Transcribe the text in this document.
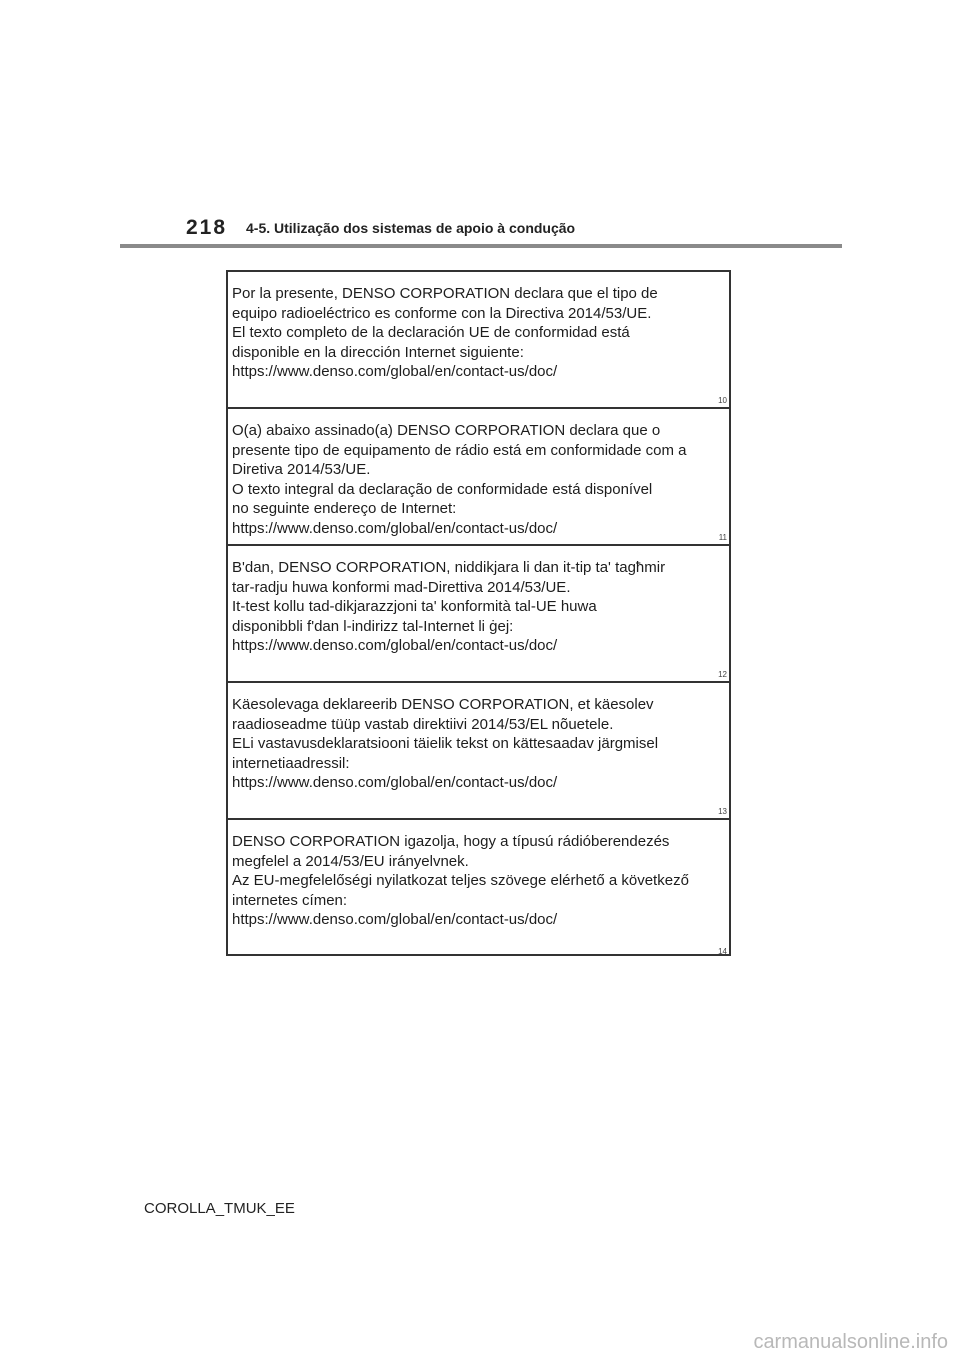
218 4-5. Utilização dos sistemas de apoio à condução
Por la presente, DENSO CORPORATION declara que el tipo de
equipo radioeléctrico es conforme con la Directiva 2014/53/UE.
El texto completo de la declaración UE de conformidad está
disponible en la dirección Internet siguiente:
https://www.denso.com/global/en/contact-us/doc/
10
O(a) abaixo assinado(a) DENSO CORPORATION declara que o
presente tipo de equipamento de rádio está em conformidade com a
Diretiva 2014/53/UE.
O texto integral da declaração de conformidade está disponível
no seguinte endereço de Internet:
https://www.denso.com/global/en/contact-us/doc/
11
B'dan, DENSO CORPORATION, niddikjara li dan it-tip ta' tagħmir
tar-radju huwa konformi mad-Direttiva 2014/53/UE.
It-test kollu tad-dikjarazzjoni ta' konformità tal-UE huwa
disponibbli f'dan l-indirizz tal-Internet li ġej:
https://www.denso.com/global/en/contact-us/doc/
12
Käesolevaga deklareerib DENSO CORPORATION, et käesolev
raadioseadme tüüp vastab direktiivi 2014/53/EL nõuetele.
ELi vastavusdeklaratsiooni täielik tekst on kättesaadav järgmisel
internetiaadressil:
https://www.denso.com/global/en/contact-us/doc/
13
DENSO CORPORATION igazolja, hogy a típusú rádióberendezés
megfelel a 2014/53/EU irányelvnek.
Az EU-megfelelőségi nyilatkozat teljes szövege elérhető a következő
internetes címen:
https://www.denso.com/global/en/contact-us/doc/
14
COROLLA_TMUK_EE
carmanualsonline.info
